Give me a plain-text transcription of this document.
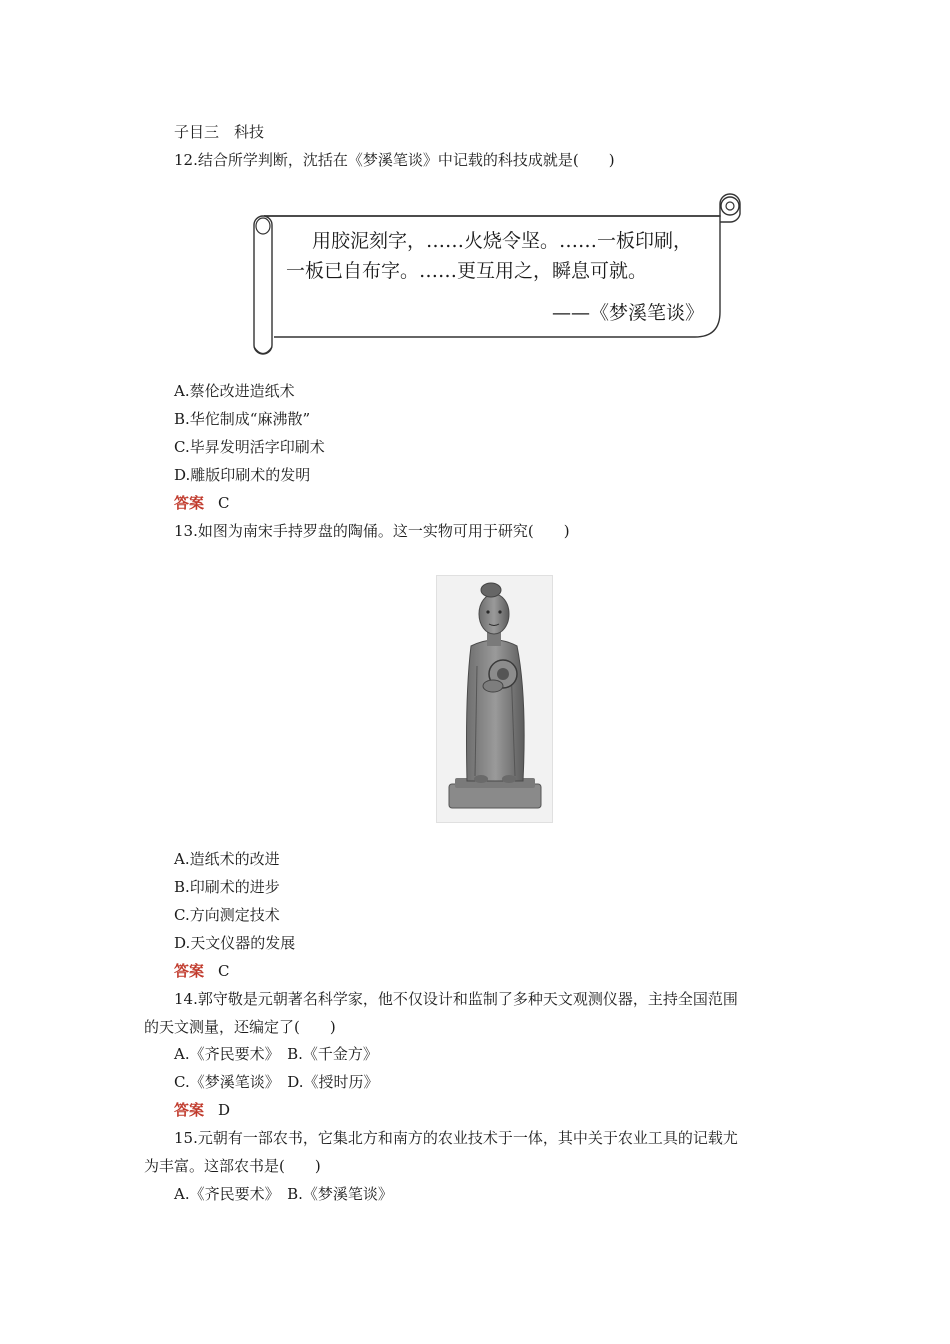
子目三　科技
12.结合所学判断，沈括在《梦溪笔谈》中记载的科技成就是(　　)
用胶泥刻字，……火烧令坚。……一板印刷，
一板已自布字。……更互用之，瞬息可就。
——《梦溪笔谈》
A.蔡伦改进造纸术
B.华佗制成“麻沸散”
C.毕昇发明活字印刷术
D.雕版印刷术的发明
答案 C
13.如图为南宋手持罗盘的陶俑。这一实物可用于研究(　　)
A.造纸术的改进
B.印刷术的进步
C.方向测定技术
D.天文仪器的发展
答案 C
14.郭守敬是元朝著名科学家，他不仅设计和监制了多种天文观测仪器，主持全国范围
的天文测量，还编定了(　　)
A.《齐民要术》　B.《千金方》
C.《梦溪笔谈》　D.《授时历》
答案 D
15.元朝有一部农书，它集北方和南方的农业技术于一体，其中关于农业工具的记载尤
为丰富。这部农书是(　　)
A.《齐民要术》　B.《梦溪笔谈》
